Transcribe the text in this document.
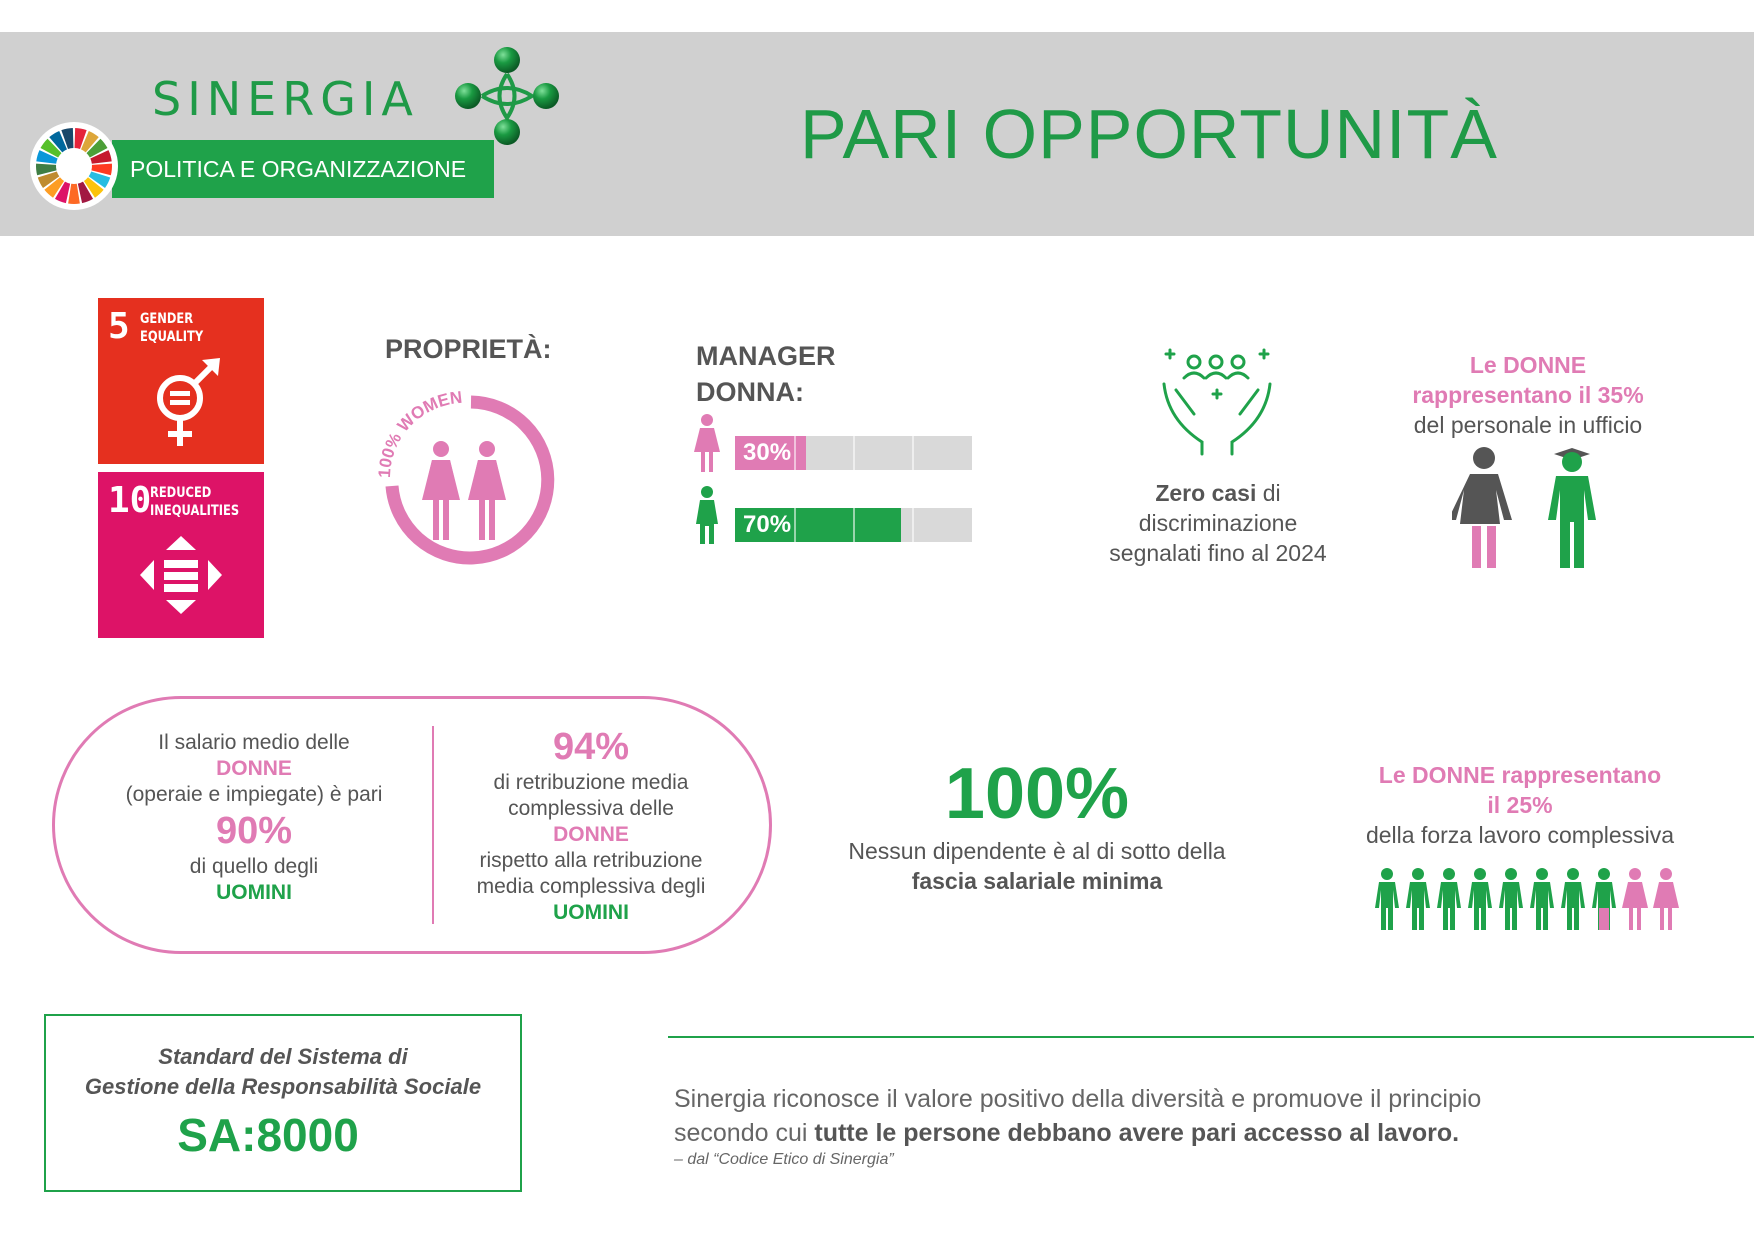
SINERGIA
POLITICA E ORGANIZZAZIONE	PARI OPPORTUNITÀ
5 GENDER
EQUALITY
10
REDUCED
INEQUALITIES
PROPRIETÀ:
100% WOMEN
MANAGER
DONNA:
30%
70%
Zero casi di
discriminazione
segnalati fino al 2024
Le DONNE
rappresentano il 35%
del personale in ufficio
Il salario medio delle
DONNE
(operaie e impiegate) è pari
90%
di quello degli
UOMINI
94%
di retribuzione media
complessiva delle
DONNE
rispetto alla retribuzione
media complessiva degli
UOMINI
100%
Nessun dipendente è al di sotto della
fascia salariale minima
Le DONNE rappresentano
il 25%
della forza lavoro complessiva
Standard del Sistema di
Gestione della Responsabilità Sociale
SA:8000
Sinergia riconosce il valore positivo della diversità e promuove il principio
secondo cui tutte le persone debbano avere pari accesso al lavoro.
– dal “Codice Etico di Sinergia”
